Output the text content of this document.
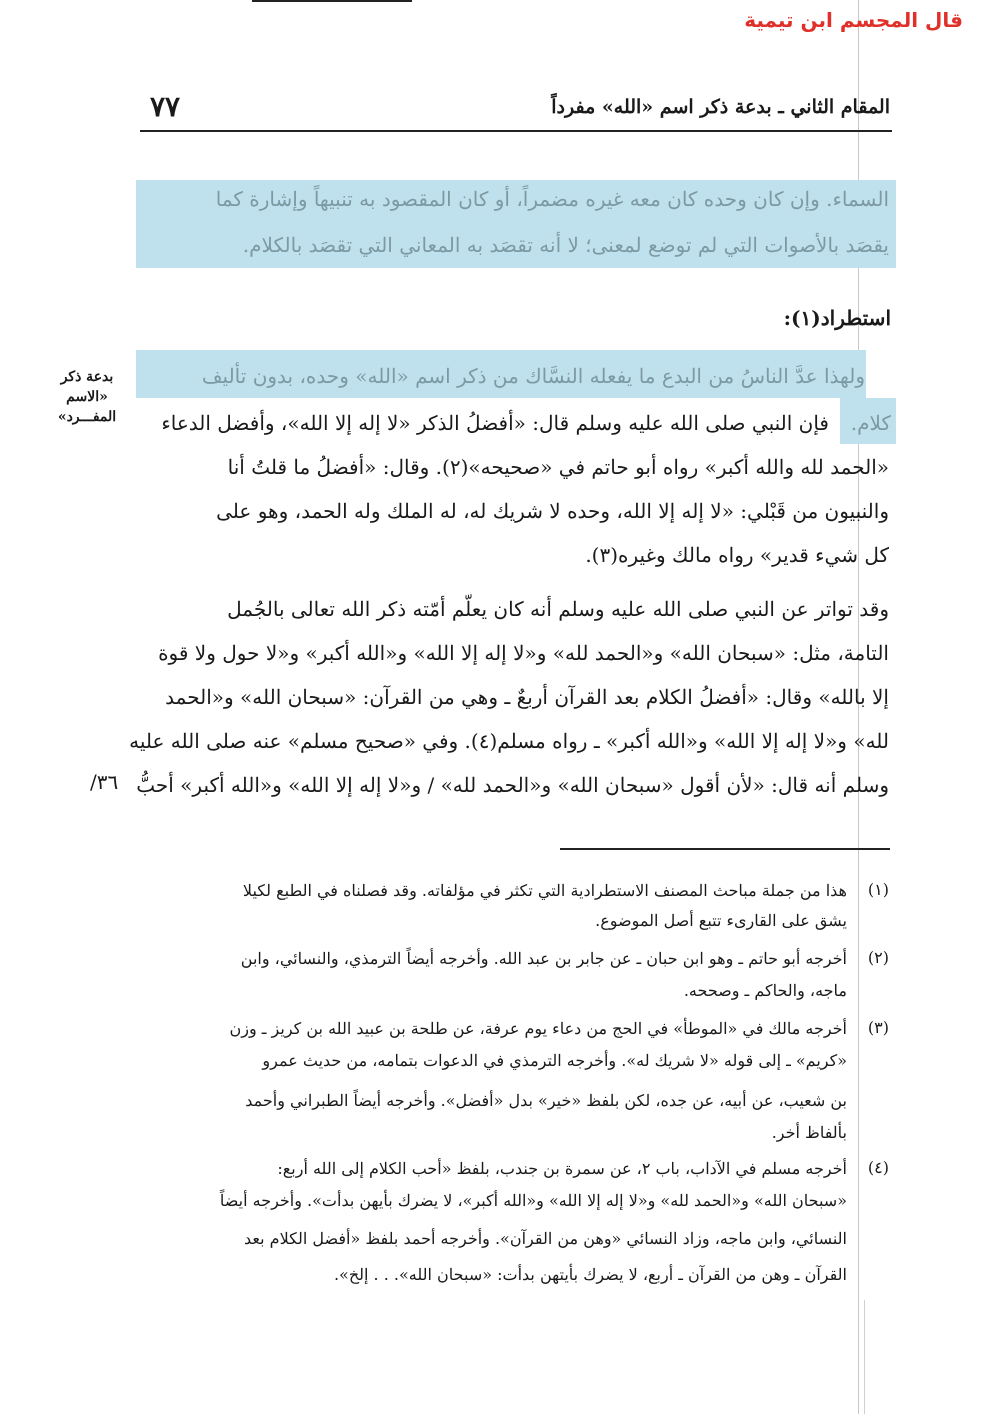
قال المجسم ابن تيمية
٧٧	المقام الثاني ـ بدعة ذكر اسم «الله» مفرداً
السماء. وإن كان وحده كان معه غيره مضمراً، أو كان المقصود به تنبيهاً وإشارة كما
يقصَد بالأصوات التي لم توضع لمعنى؛ لا أنه تقصَد به المعاني التي تقصَد بالكلام.
استطراد(١):
بدعة ذكر
«الاسم
المفـــرد»
ولهذا عدَّ الناسُ من البدع ما يفعله النسَّاك من ذكر اسم «الله» وحده، بدون تأليف
كلام.
فإن النبي صلى الله عليه وسلم قال: «أفضلُ الذكر «لا إله إلا الله»، وأفضل الدعاء
«الحمد لله والله أكبر» رواه أبو حاتم في «صحيحه»(٢). وقال: «أفضلُ ما قلتُ أنا
والنبيون من قَبْلي: «لا إله إلا الله، وحده لا شريك له، له الملك وله الحمد، وهو على
كل شيء قدير» رواه مالك وغيره(٣).
وقد تواتر عن النبي صلى الله عليه وسلم أنه كان يعلّم أمّته ذكر الله تعالى بالجُمل
التامة، مثل: «سبحان الله» و«الحمد لله» و«لا إله إلا الله» و«الله أكبر» و«لا حول ولا قوة
إلا بالله» وقال: «أفضلُ الكلام بعد القرآن أربعٌ ـ وهي من القرآن: «سبحان الله» و«الحمد
لله» و«لا إله إلا الله» و«الله أكبر» ـ رواه مسلم(٤). وفي «صحيح مسلم» عنه صلى الله عليه
وسلم أنه قال: «لأن أقول «سبحان الله» و«الحمد لله» / و«لا إله إلا الله» و«الله أكبر» أحبُّ
/٣٦
(١)
هذا من جملة مباحث المصنف الاستطرادية التي تكثر في مؤلفاته. وقد فصلناه في الطبع لكيلا
يشق على القارىء تتبع أصل الموضوع.
(٢)
أخرجه أبو حاتم ـ وهو ابن حبان ـ عن جابر بن عبد الله. وأخرجه أيضاً الترمذي، والنسائي، وابن
ماجه، والحاكم ـ وصححه.
(٣)
أخرجه مالك في «الموطأ» في الحج من دعاء يوم عرفة، عن طلحة بن عبيد الله بن كريز ـ وزن
«كريم» ـ إلى قوله «لا شريك له». وأخرجه الترمذي في الدعوات بتمامه، من حديث عمرو
بن شعيب، عن أبيه، عن جده، لكن بلفظ «خير» بدل «أفضل». وأخرجه أيضاً الطبراني وأحمد
بألفاظ أخر.
(٤)
أخرجه مسلم في الآداب، باب ٢، عن سمرة بن جندب، بلفظ «أحب الكلام إلى الله أربع:
«سبحان الله» و«الحمد لله» و«لا إله إلا الله» و«الله أكبر»، لا يضرك بأيهن بدأت». وأخرجه أيضاً
النسائي، وابن ماجه، وزاد النسائي «وهن من القرآن». وأخرجه أحمد بلفظ «أفضل الكلام بعد
القرآن ـ وهن من القرآن ـ أربع، لا يضرك بأيتهن بدأت: «سبحان الله». . . إلخ».
